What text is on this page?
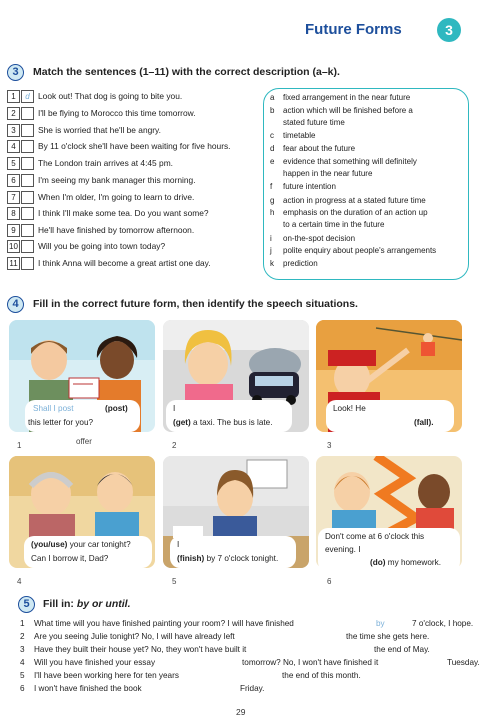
Future Forms	3
3	Match the sentences (1–11) with the correct description (a–k).
1	d Look out! That dog is going to bite you.
2	I'll be flying to Morocco this time tomorrow.
3	She is worried that he'll be angry.
4	By 11 o'clock she'll have been waiting for five hours.
5	The London train arrives at 4:45 pm.
6	I'm seeing my bank manager this morning.
7	When I'm older, I'm going to learn to drive.
8	I think I'll make some tea. Do you want some?
9	He'll have finished by tomorrow afternoon.
10 Will you be going into town today?
11 I think Anna will become a great artist one day.
a	fixed arrangement in the near future
b	action which will be finished before a
stated future time
c	timetable
d	fear about the future
e	evidence that something will definitely
happen in the near future
f	future intention
g	action in progress at a stated future time
h	emphasis on the duration of an action up
to a certain time in the future
i	on-the-spot decision
j	polite enquiry about people's arrangements
k	prediction
4	Fill in the correct future form, then identify the speech situations.
Shall I post	(post)
this letter for you?
1	offer
I
(get) a taxi. The bus is late.
2
Look! He
(fall).
3
(you/use) your car tonight?
Can I borrow it, Dad?
4
I
(finish) by 7 o'clock tonight.
5
Don't come at 6 o'clock this
evening. I
(do) my homework.
6
5	Fill in: by or until.
1 What time will you have finished painting your room? I will have finished	by	7 o'clock, I hope.
2 Are you seeing Julie tonight? No, I will have already left	the time she gets here.
3 Have they built their house yet? No, they won't have built it	the end of May.
4 Will you have finished your essay	tomorrow? No, I won't have finished it	Tuesday.
5 I'll have been working here for ten years	the end of this month.
6 I won't have finished the book	Friday.
29
